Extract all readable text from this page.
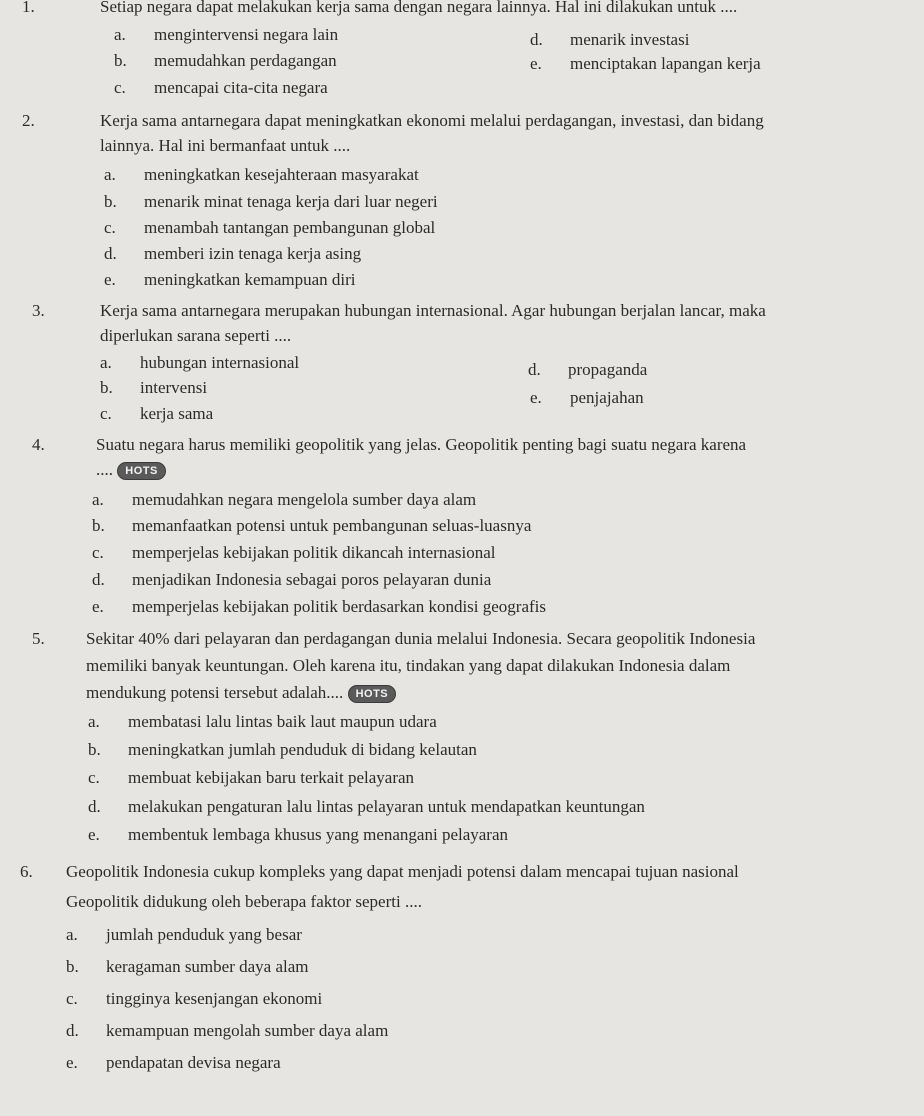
1.	Setiap negara dapat melakukan kerja sama dengan negara lainnya. Hal ini dilakukan untuk ....
a. mengintervensi negara lain
b. memudahkan perdagangan
c. mencapai cita-cita negara
d. menarik investasi
e. menciptakan lapangan kerja
2.	Kerja sama antarnegara dapat meningkatkan ekonomi melalui perdagangan, investasi, dan bidang
lainnya. Hal ini bermanfaat untuk ....
a. meningkatkan kesejahteraan masyarakat
b. menarik minat tenaga kerja dari luar negeri
c. menambah tantangan pembangunan global
d. memberi izin tenaga kerja asing
e. meningkatkan kemampuan diri
3.	Kerja sama antarnegara merupakan hubungan internasional. Agar hubungan berjalan lancar, maka
diperlukan sarana seperti ....
a. hubungan internasional
b. intervensi
c. kerja sama
d. propaganda
e. penjajahan
4.	Suatu negara harus memiliki geopolitik yang jelas. Geopolitik penting bagi suatu negara karena
.... HOTS
a. memudahkan negara mengelola sumber daya alam
b. memanfaatkan potensi untuk pembangunan seluas-luasnya
c. memperjelas kebijakan politik dikancah internasional
d. menjadikan Indonesia sebagai poros pelayaran dunia
e. memperjelas kebijakan politik berdasarkan kondisi geografis
5. Sekitar 40% dari pelayaran dan perdagangan dunia melalui Indonesia. Secara geopolitik Indonesia
memiliki banyak keuntungan. Oleh karena itu, tindakan yang dapat dilakukan Indonesia dalam
mendukung potensi tersebut adalah.... HOTS
a. membatasi lalu lintas baik laut maupun udara
b. meningkatkan jumlah penduduk di bidang kelautan
c. membuat kebijakan baru terkait pelayaran
d. melakukan pengaturan lalu lintas pelayaran untuk mendapatkan keuntungan
e. membentuk lembaga khusus yang menangani pelayaran
6. Geopolitik Indonesia cukup kompleks yang dapat menjadi potensi dalam mencapai tujuan nasional
Geopolitik didukung oleh beberapa faktor seperti ....
a. jumlah penduduk yang besar
b. keragaman sumber daya alam
c. tingginya kesenjangan ekonomi
d. kemampuan mengolah sumber daya alam
e. pendapatan devisa negara
